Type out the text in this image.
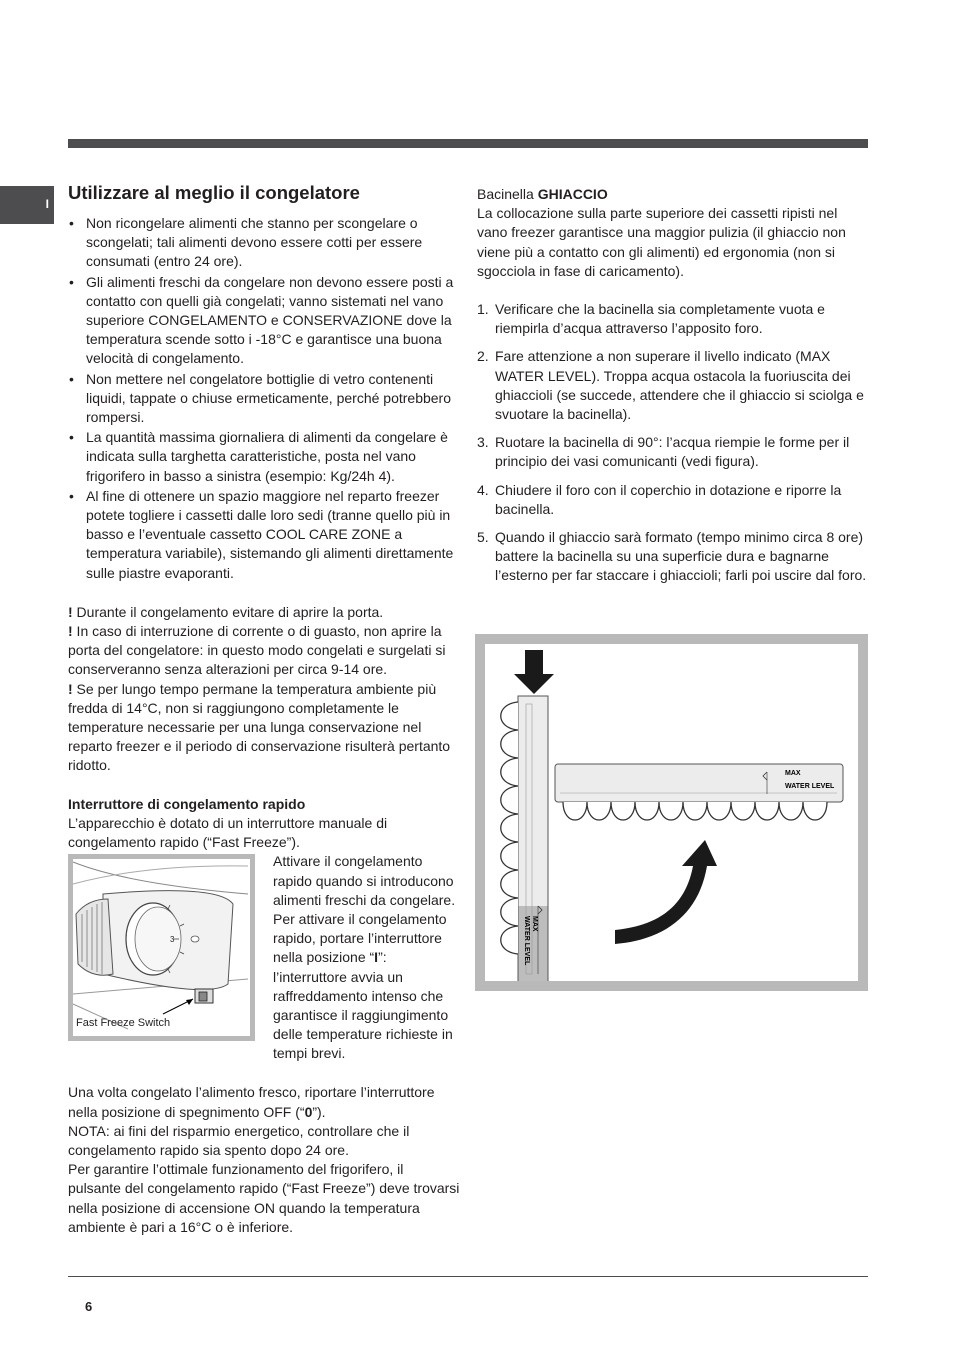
I
Utilizzare al meglio il congelatore
• Non ricongelare alimenti che stanno per scongelare o scongelati; tali alimenti devono essere cotti per essere consumati (entro 24 ore).
• Gli alimenti freschi da congelare non devono essere posti a contatto con quelli già congelati; vanno sistemati nel vano superiore CONGELAMENTO e CONSERVAZIONE dove la temperatura scende sotto i -18°C e garantisce una buona velocità di congelamento.
• Non mettere nel congelatore bottiglie di vetro contenenti liquidi, tappate o chiuse ermeticamente, perché potrebbero rompersi.
• La quantità massima giornaliera di alimenti da congelare è indicata sulla targhetta caratteristiche, posta nel vano frigorifero in basso a sinistra (esempio: Kg/24h 4).
• Al fine di ottenere un spazio maggiore nel reparto freezer potete togliere i cassetti dalle loro sedi (tranne quello più in basso e l’eventuale cassetto COOL CARE ZONE a temperatura variabile), sistemando gli alimenti direttamente sulle piastre evaporanti.

! Durante il congelamento evitare di aprire la porta.

! In caso di interruzione di corrente o di guasto, non aprire la porta del congelatore: in questo modo congelati e surgelati si conserveranno senza alterazioni per circa 9-14 ore.

! Se per lungo tempo permane la temperatura ambiente più fredda di 14°C, non si raggiungono completamente le temperature necessarie per una lunga conservazione nel reparto freezer e il periodo di conservazione risulterà pertanto ridotto.

Interruttore di congelamento rapido

L’apparecchio è dotato di un interruttore manuale di congelamento rapido (“Fast Freeze”).

3
Fast Freeze Switch

Attivare il congelamento rapido quando si introducono alimenti freschi da congelare.

Per attivare il congelamento rapido, portare l’interruttore nella posizione “I”: l’interruttore avvia un raffreddamento intenso che garantisce il raggiungimento delle temperature richieste in tempi brevi.

Una volta congelato l’alimento fresco, riportare l’interruttore nella posizione di spegnimento OFF (“0”).

NOTA: ai fini del risparmio energetico, controllare che il congelamento rapido sia spento dopo 24 ore.

Per garantire l’ottimale funzionamento del frigorifero, il pulsante del congelamento rapido (“Fast Freeze”) deve trovarsi nella posizione di accensione ON quando la temperatura ambiente è pari a 16°C o è inferiore.

Bacinella GHIACCIO

La collocazione sulla parte superiore dei cassetti ripisti nel vano freezer garantisce una maggior pulizia (il ghiaccio non viene più a contatto con gli alimenti) ed ergonomia (non si sgocciola in fase di caricamento).

1. Verificare che la bacinella sia completamente vuota e riempirla d’acqua attraverso l’apposito foro.
2. Fare attenzione a non superare il livello indicato (MAX WATER LEVEL). Troppa acqua ostacola la fuoriuscita dei ghiaccioli (se succede, attendere che il ghiaccio si sciolga e svuotare la bacinella).
3. Ruotare la bacinella di 90°: l’acqua riempie le forme per il principio dei vasi comunicanti (vedi figura).
4. Chiudere il foro con il coperchio in dotazione e riporre la bacinella.
5. Quando il ghiaccio sarà formato (tempo minimo circa 8 ore) battere la bacinella su una superficie dura e bagnarne l’esterno per far staccare i ghiaccioli; farli poi uscire dal foro.
MAX
WATER LEVEL
MAX
WATER LEVEL
6
